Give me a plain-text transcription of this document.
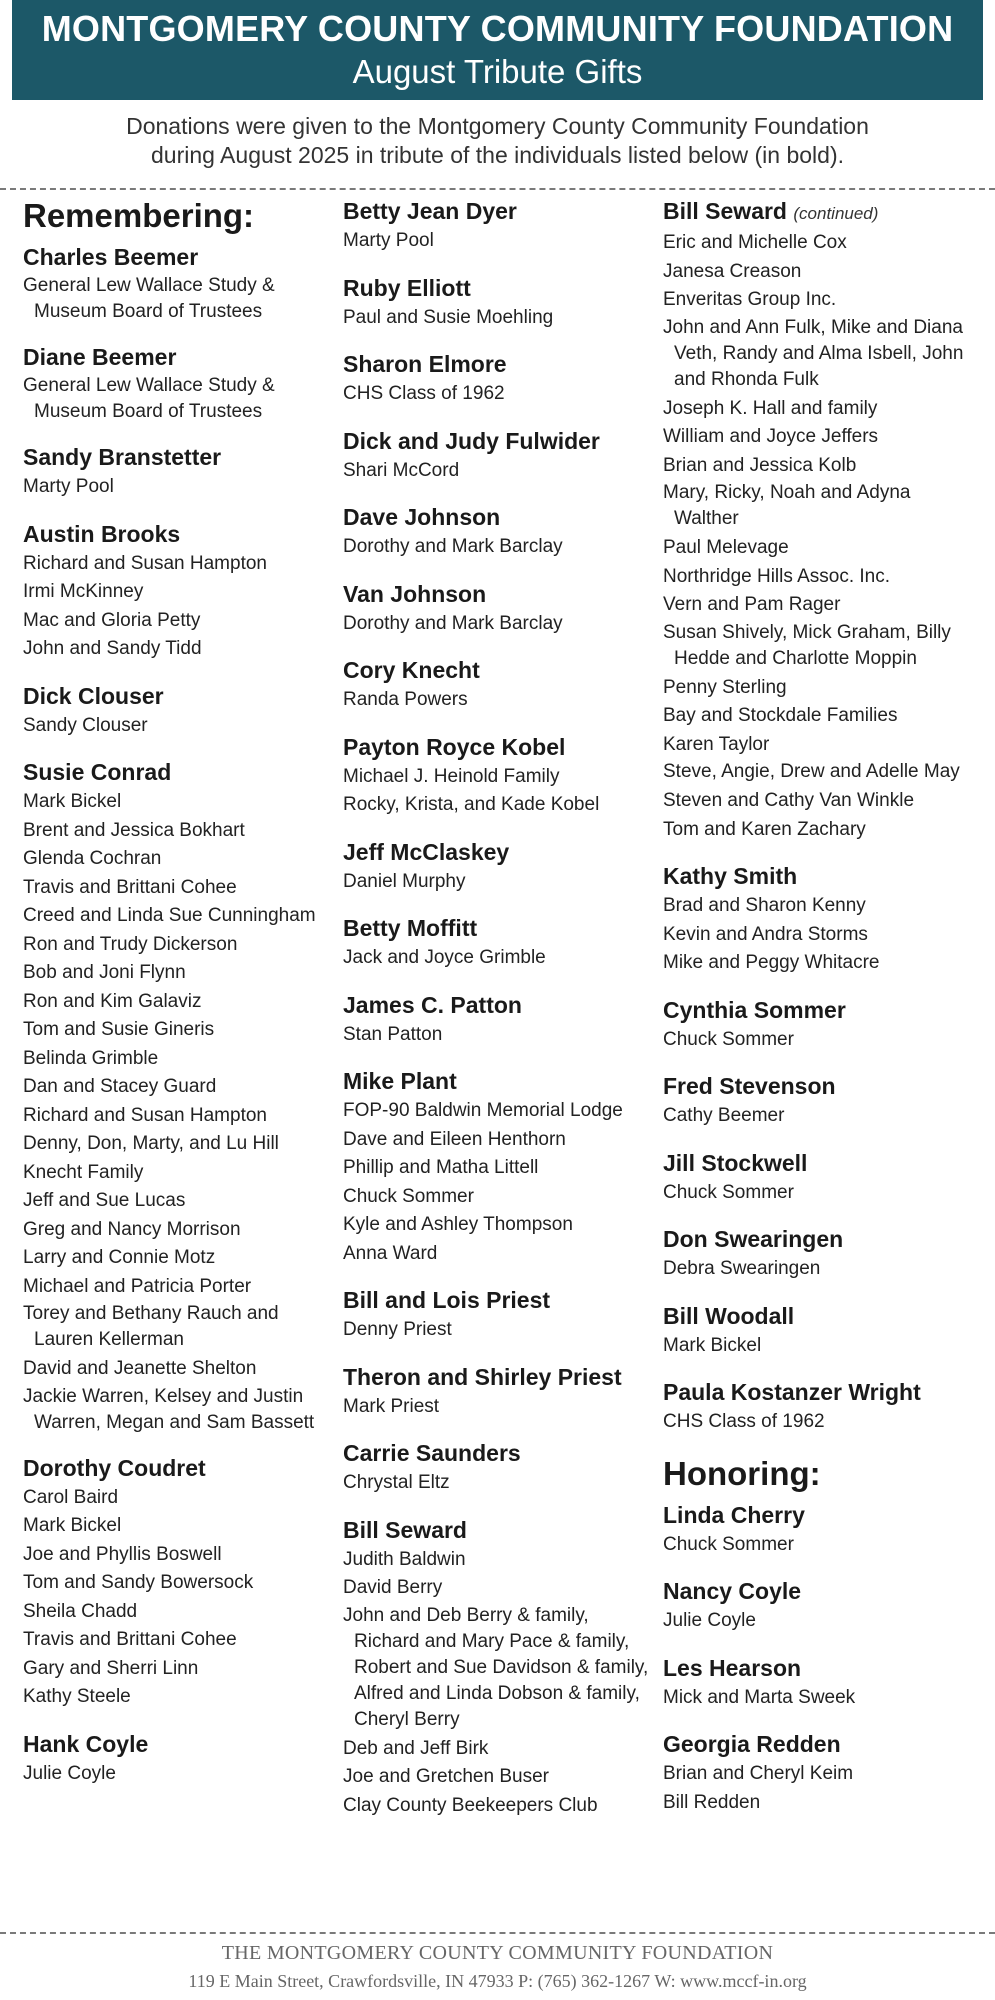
MONTGOMERY COUNTY COMMUNITY FOUNDATION
August Tribute Gifts
Donations were given to the Montgomery County Community Foundation
during August 2025 in tribute of the individuals listed below (in bold).
Remembering:
Charles Beemer
General Lew Wallace Study & Museum Board of Trustees
Diane Beemer
General Lew Wallace Study & Museum Board of Trustees
Sandy Branstetter
Marty Pool
Austin Brooks
Richard and Susan Hampton
Irmi McKinney
Mac and Gloria Petty
John and Sandy Tidd
Dick Clouser
Sandy Clouser
Susie Conrad
Mark Bickel
Brent and Jessica Bokhart
Glenda Cochran
Travis and Brittani Cohee
Creed and Linda Sue Cunningham
Ron and Trudy Dickerson
Bob and Joni Flynn
Ron and Kim Galaviz
Tom and Susie Gineris
Belinda Grimble
Dan and Stacey Guard
Richard and Susan Hampton
Denny, Don, Marty, and Lu Hill
Knecht Family
Jeff and Sue Lucas
Greg and Nancy Morrison
Larry and Connie Motz
Michael and Patricia Porter
Torey and Bethany Rauch and Lauren Kellerman
David and Jeanette Shelton
Jackie Warren, Kelsey and Justin Warren, Megan and Sam Bassett
Dorothy Coudret
Carol Baird
Mark Bickel
Joe and Phyllis Boswell
Tom and Sandy Bowersock
Sheila Chadd
Travis and Brittani Cohee
Gary and Sherri Linn
Kathy Steele
Hank Coyle
Julie Coyle
Betty Jean Dyer
Marty Pool
Ruby Elliott
Paul and Susie Moehling
Sharon Elmore
CHS Class of 1962
Dick and Judy Fulwider
Shari McCord
Dave Johnson
Dorothy and Mark Barclay
Van Johnson
Dorothy and Mark Barclay
Cory Knecht
Randa Powers
Payton Royce Kobel
Michael J. Heinold Family
Rocky, Krista, and Kade Kobel
Jeff McClaskey
Daniel Murphy
Betty Moffitt
Jack and Joyce Grimble
James C. Patton
Stan Patton
Mike Plant
FOP-90 Baldwin Memorial Lodge
Dave and Eileen Henthorn
Phillip and Matha Littell
Chuck Sommer
Kyle and Ashley Thompson
Anna Ward
Bill and Lois Priest
Denny Priest
Theron and Shirley Priest
Mark Priest
Carrie Saunders
Chrystal Eltz
Bill Seward
Judith Baldwin
David Berry
John and Deb Berry & family, Richard and Mary Pace & family, Robert and Sue Davidson & family, Alfred and Linda Dobson & family, Cheryl Berry
Deb and Jeff Birk
Joe and Gretchen Buser
Clay County Beekeepers Club
Bill Seward (continued)
Eric and Michelle Cox
Janesa Creason
Enveritas Group Inc.
John and Ann Fulk, Mike and Diana Veth, Randy and Alma Isbell, John and Rhonda Fulk
Joseph K. Hall and family
William and Joyce Jeffers
Brian and Jessica Kolb
Mary, Ricky, Noah and Adyna Walther
Paul Melevage
Northridge Hills Assoc. Inc.
Vern and Pam Rager
Susan Shively, Mick Graham, Billy Hedde and Charlotte Moppin
Penny Sterling
Bay and Stockdale Families
Karen Taylor
Steve, Angie, Drew and Adelle May
Steven and Cathy Van Winkle
Tom and Karen Zachary
Kathy Smith
Brad and Sharon Kenny
Kevin and Andra Storms
Mike and Peggy Whitacre
Cynthia Sommer
Chuck Sommer
Fred Stevenson
Cathy Beemer
Jill Stockwell
Chuck Sommer
Don Swearingen
Debra Swearingen
Bill Woodall
Mark Bickel
Paula Kostanzer Wright
CHS Class of 1962
Honoring:
Linda Cherry
Chuck Sommer
Nancy Coyle
Julie Coyle
Les Hearson
Mick and Marta Sweek
Georgia Redden
Brian and Cheryl Keim
Bill Redden
THE MONTGOMERY COUNTY COMMUNITY FOUNDATION
119 E Main Street, Crawfordsville, IN 47933 P: (765) 362-1267 W: www.mccf-in.org
